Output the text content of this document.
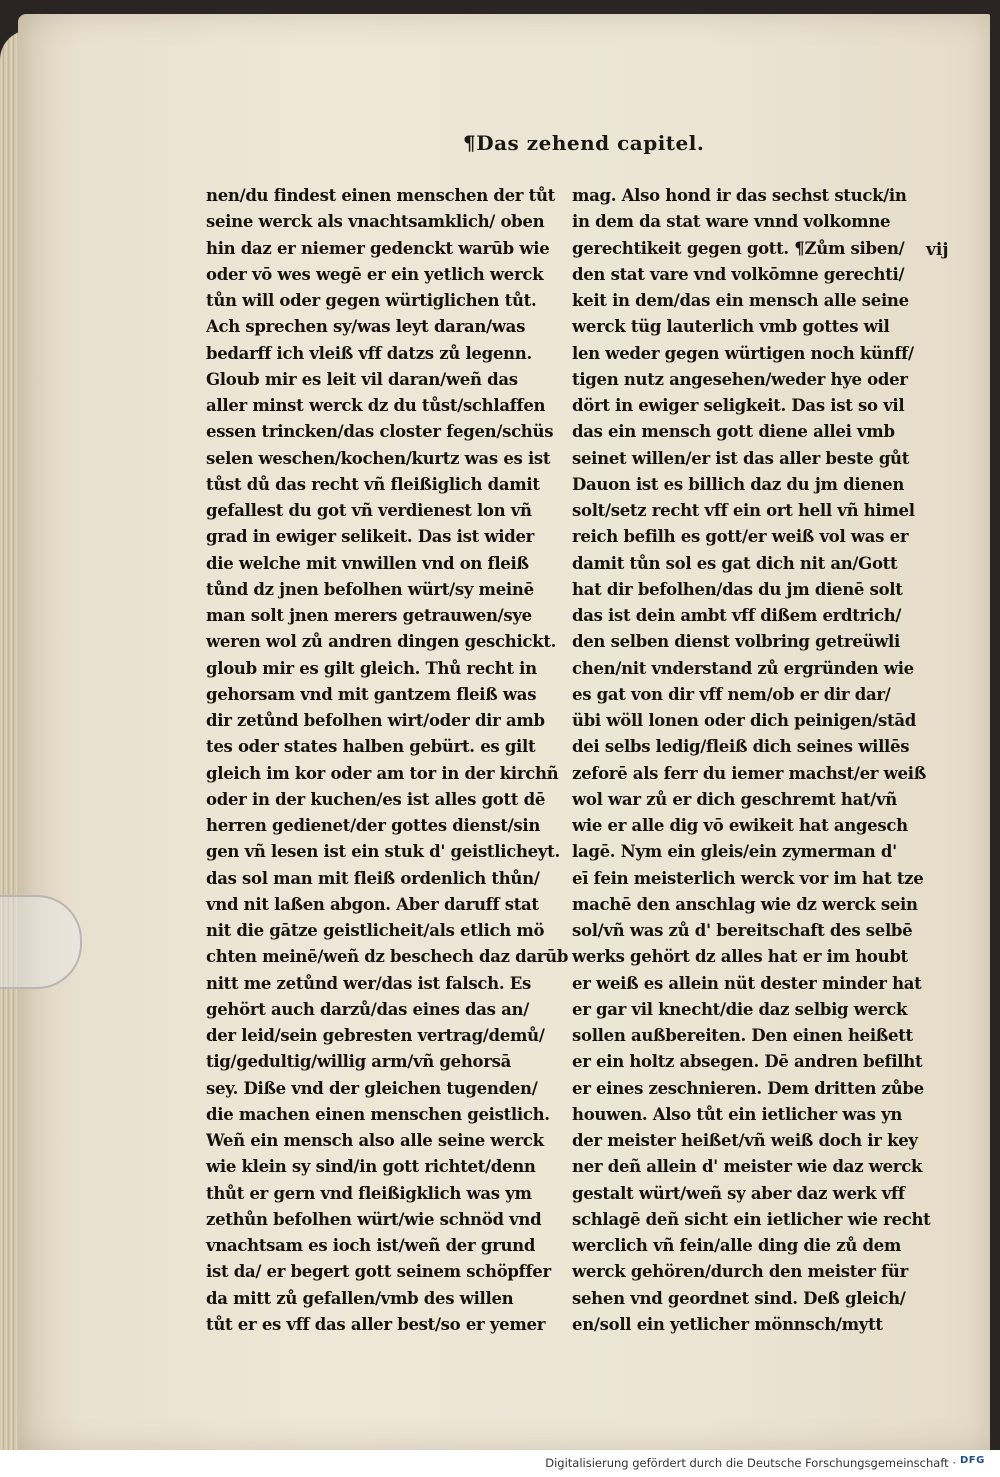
¶Das zehend capitel.
vij
nen/du findest einen menschen der tůt
seine werck als vnachtsamklich/ oben
hin daz er niemer gedenckt warūb wie
oder vō wes wegē er ein yetlich werck
tůn will oder gegen würtiglichen tůt.
Ach sprechen sy/was leyt daran/was
bedarff ich vleiß vff datzs zů legenn.
Gloub mir es leit vil daran/weñ das
aller minst werck dz du tůst/schlaffen
essen trincken/das closter fegen/schüs
selen weschen/kochen/kurtz was es ist
tůst dů das recht vñ fleißiglich damit
gefallest du got vñ verdienest lon vñ
grad in ewiger selikeit. Das ist wider
die welche mit vnwillen vnd on fleiß
tůnd dz jnen befolhen würt/sy meinē
man solt jnen merers getrauwen/sye
weren wol zů andren dingen geschickt.
gloub mir es gilt gleich. Thů recht in
gehorsam vnd mit gantzem fleiß was
dir zetůnd befolhen wirt/oder dir amb
tes oder states halben gebürt. es gilt
gleich im kor oder am tor in der kirchñ
oder in der kuchen/es ist alles gott dē
herren gedienet/der gottes dienst/sin
gen vñ lesen ist ein stuk d' geistlicheyt.
das sol man mit fleiß ordenlich thůn/
vnd nit laßen abgon. Aber daruff stat
nit die gātze geistlicheit/als etlich mö
chten meinē/weñ dz beschech daz darūb
nitt me zetůnd wer/das ist falsch. Es
gehört auch darzů/das eines das an/
der leid/sein gebresten vertrag/demů/
tig/gedultig/willig arm/vñ gehorsā
sey. Diße vnd der gleichen tugenden/
die machen einen menschen geistlich.
Weñ ein mensch also alle seine werck
wie klein sy sind/in gott richtet/denn
thůt er gern vnd fleißigklich was ym
zethůn befolhen würt/wie schnöd vnd
vnachtsam es ioch ist/weñ der grund
ist da/ er begert gott seinem schöpffer
da mitt zů gefallen/vmb des willen
tůt er es vff das aller best/so er yemer
mag. Also hond ir das sechst stuck/in
in dem da stat ware vnnd volkomne
gerechtikeit gegen gott. ¶Zům siben/
den stat vare vnd volkōmne gerechti/
keit in dem/das ein mensch alle seine
werck tüg lauterlich vmb gottes wil
len weder gegen würtigen noch künff/
tigen nutz angesehen/weder hye oder
dört in ewiger seligkeit. Das ist so vil
das ein mensch gott diene allei vmb
seinet willen/er ist das aller beste gůt
Dauon ist es billich daz du jm dienen
solt/setz recht vff ein ort hell vñ himel
reich befilh es gott/er weiß vol was er
damit tůn sol es gat dich nit an/Gott
hat dir befolhen/das du jm dienē solt
das ist dein ambt vff dißem erdtrich/
den selben dienst volbring getreüwli
chen/nit vnderstand zů ergründen wie
es gat von dir vff nem/ob er dir dar/
übi wöll lonen oder dich peinigen/stād
dei selbs ledig/fleiß dich seines willēs
zeforē als ferr du iemer machst/er weiß
wol war zů er dich geschremt hat/vñ
wie er alle dig vō ewikeit hat angesch
lagē. Nym ein gleis/ein zymerman d'
eī fein meisterlich werck vor im hat tze
machē den anschlag wie dz werck sein
sol/vñ was zů d' bereitschaft des selbē
werks gehört dz alles hat er im houbt
er weiß es allein nüt dester minder hat
er gar vil knecht/die daz selbig werck
sollen außbereiten. Den einen heißett
er ein holtz absegen. Dē andren befilht
er eines zeschnieren. Dem dritten zůbe
houwen. Also tůt ein ietlicher was yn
der meister heißet/vñ weiß doch ir key
ner deñ allein d' meister wie daz werck
gestalt würt/weñ sy aber daz werk vff
schlagē deñ sicht ein ietlicher wie recht
werclich vñ fein/alle ding die zů dem
werck gehören/durch den meister für
sehen vnd geordnet sind. Deß gleich/
en/soll ein yetlicher mönnsch/mytt
Digitalisierung gefördert durch die Deutsche Forschungsgemeinschaft · DFG
